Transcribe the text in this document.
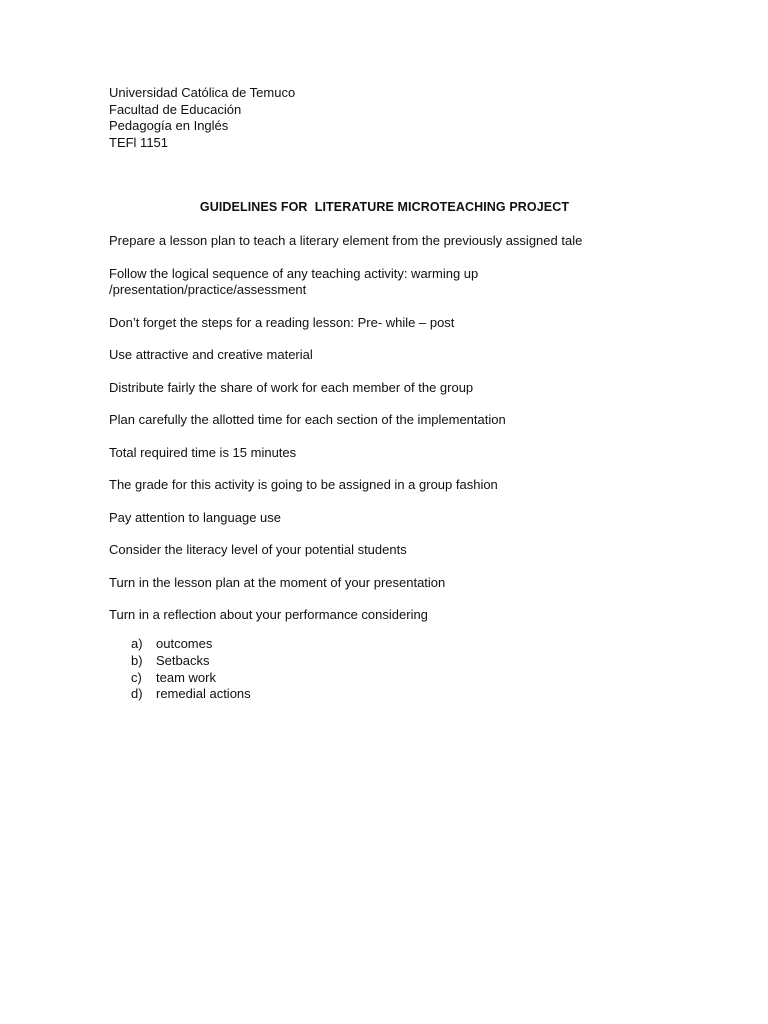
Universidad Católica de Temuco
Facultad de Educación
Pedagogía en Inglés
TEFl 1151
GUIDELINES FOR  LITERATURE MICROTEACHING PROJECT
Prepare a lesson plan to teach a literary element from the previously assigned tale
Follow the logical sequence of any teaching activity: warming up
/presentation/practice/assessment
Don’t forget the steps for a reading lesson: Pre- while – post
Use attractive and creative material
Distribute fairly the share of work for each member of the group
Plan carefully the allotted time for each section of the implementation
Total required time is 15 minutes
The grade for this activity is going to be assigned in a group fashion
Pay attention to language use
Consider the literacy level of your potential students
Turn in the lesson plan at the moment of your presentation
Turn in a reflection about your performance considering
a)	outcomes
b)	Setbacks
c)	team work
d)	remedial actions
